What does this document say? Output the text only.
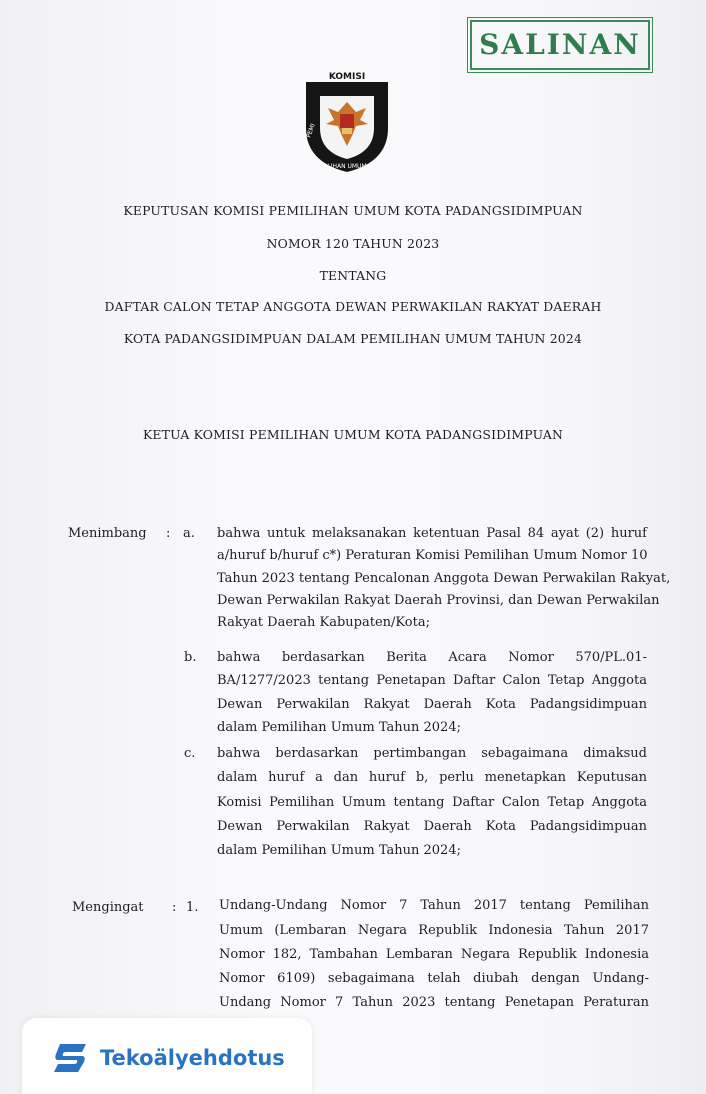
SALINAN
KOMISI
PEMI
LIHAN UMUM
KEPUTUSAN KOMISI PEMILIHAN UMUM KOTA PADANGSIDIMPUAN
NOMOR 120 TAHUN 2023
TENTANG
DAFTAR CALON TETAP ANGGOTA DEWAN PERWAKILAN RAKYAT DAERAH
KOTA PADANGSIDIMPUAN DALAM PEMILIHAN UMUM TAHUN 2024
KETUA KOMISI PEMILIHAN UMUM KOTA PADANGSIDIMPUAN
Menimbang : a. bahwa untuk melaksanakan ketentuan Pasal 84 ayat (2) huruf
a/huruf b/huruf c*) Peraturan Komisi Pemilihan Umum Nomor 10
Tahun 2023 tentang Pencalonan Anggota Dewan Perwakilan Rakyat,
Dewan Perwakilan Rakyat Daerah Provinsi, dan Dewan Perwakilan
Rakyat Daerah Kabupaten/Kota;
b. bahwa berdasarkan Berita Acara Nomor 570/PL.01-
BA/1277/2023 tentang Penetapan Daftar Calon Tetap Anggota
Dewan Perwakilan Rakyat Daerah Kota Padangsidimpuan
dalam Pemilihan Umum Tahun 2024;
c. bahwa berdasarkan pertimbangan sebagaimana dimaksud
dalam huruf a dan huruf b, perlu menetapkan Keputusan
Komisi Pemilihan Umum tentang Daftar Calon Tetap Anggota
Dewan Perwakilan Rakyat Daerah Kota Padangsidimpuan
dalam Pemilihan Umum Tahun 2024;
Mengingat : 1. Undang-Undang Nomor 7 Tahun 2017 tentang Pemilihan
Umum (Lembaran Negara Republik Indonesia Tahun 2017
Nomor 182, Tambahan Lembaran Negara Republik Indonesia
Nomor 6109) sebagaimana telah diubah dengan Undang-
Undang Nomor 7 Tahun 2023 tentang Penetapan Peraturan
Tekoälyehdotus
